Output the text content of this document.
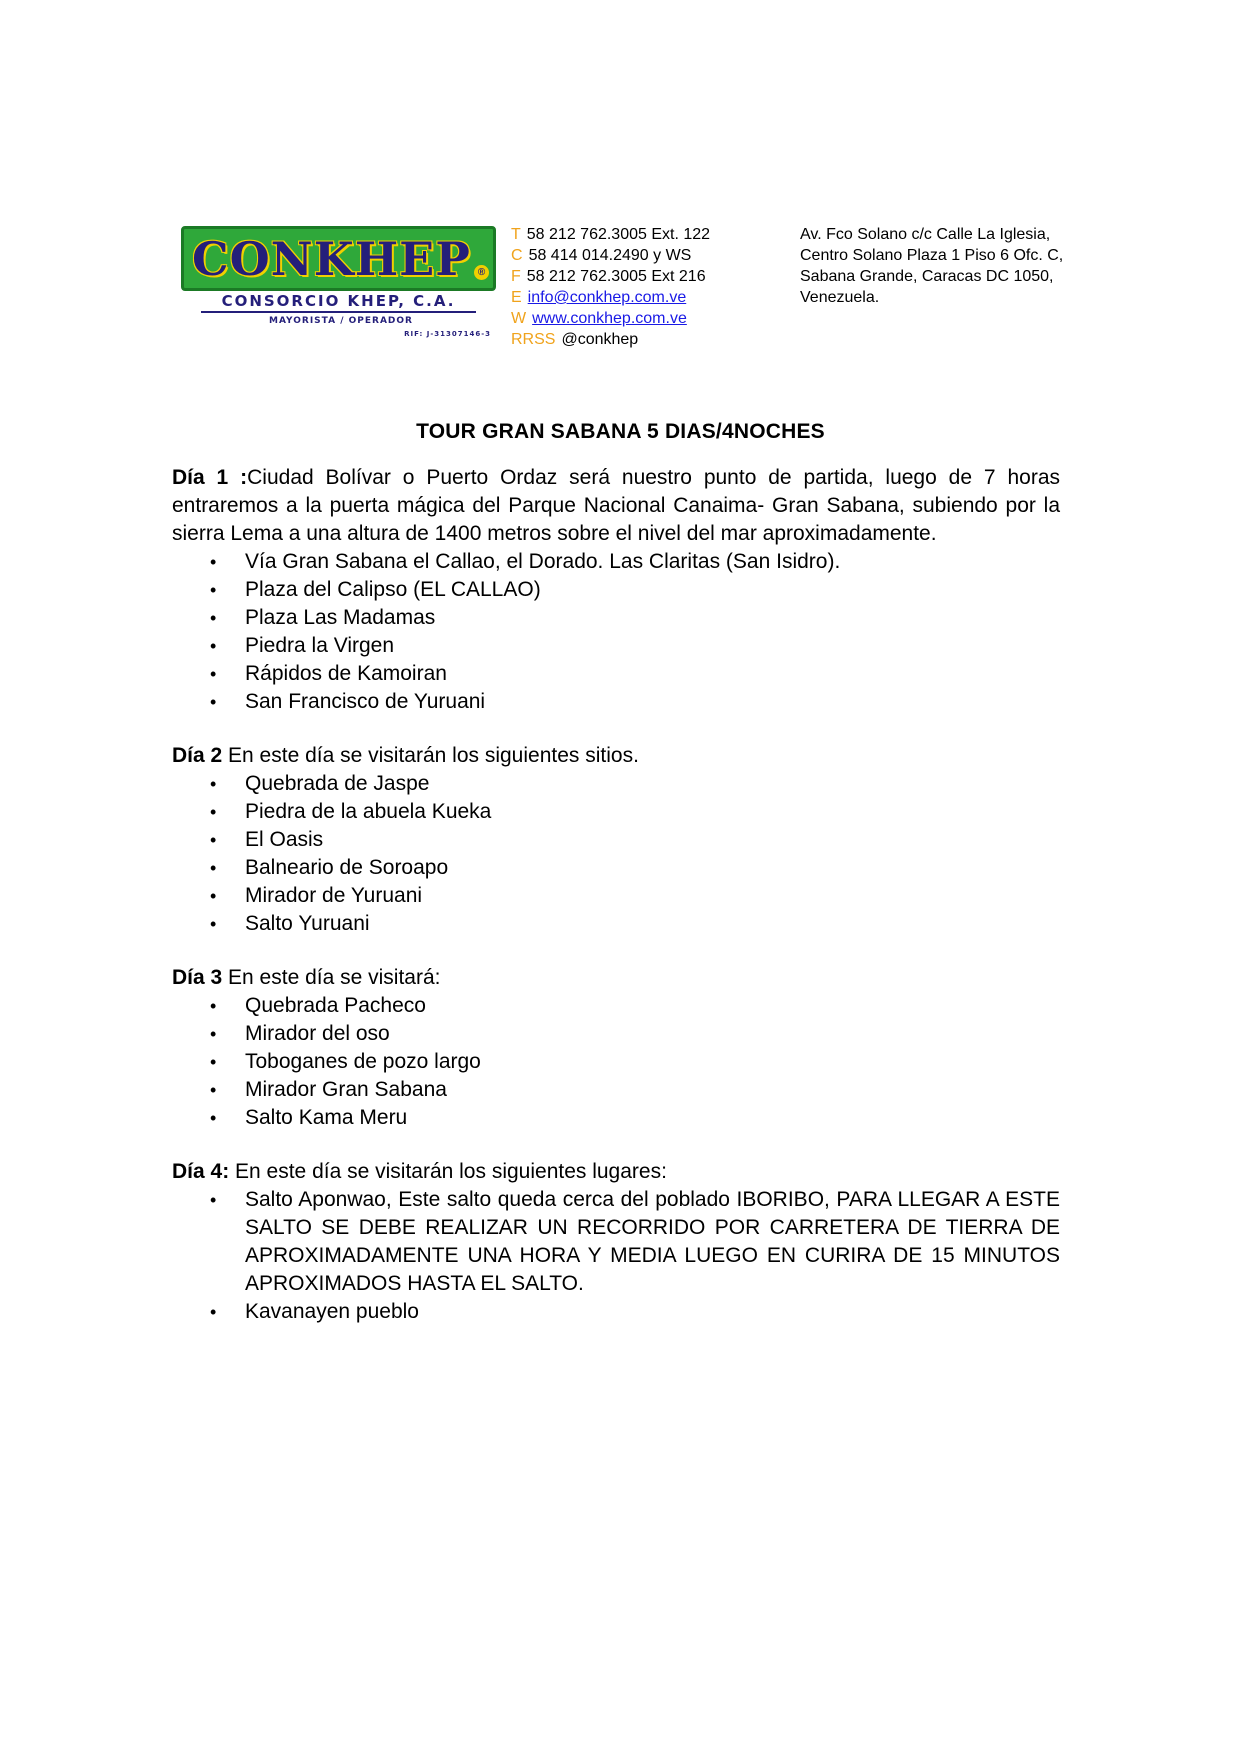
CONKHEP ®
CONSORCIO KHEP, C.A.
MAYORISTA / OPERADOR
RIF: J-31307146-3
T 58 212 762.3005 Ext. 122
C 58 414 014.2490 y WS
F 58 212 762.3005 Ext 216
E info@conkhep.com.ve
W www.conkhep.com.ve
RRSS @conkhep
Av. Fco Solano c/c Calle La Iglesia,
Centro Solano Plaza 1 Piso 6 Ofc. C,
Sabana Grande, Caracas DC 1050,
Venezuela.
TOUR GRAN SABANA 5 DIAS/4NOCHES
Día 1 :Ciudad Bolívar o Puerto Ordaz será nuestro punto de partida, luego de 7 horas entraremos a la puerta mágica del Parque Nacional Canaima- Gran Sabana, subiendo por la sierra Lema a una altura de 1400 metros sobre el nivel del mar aproximadamente.
• Vía Gran Sabana el Callao, el Dorado. Las Claritas (San Isidro).
• Plaza del Calipso (EL CALLAO)
• Plaza Las Madamas
• Piedra la Virgen
• Rápidos de Kamoiran
• San Francisco de Yuruani
Día 2 En este día se visitarán los siguientes sitios.
• Quebrada de Jaspe
• Piedra de la abuela Kueka
• El Oasis
• Balneario de Soroapo
• Mirador de Yuruani
• Salto Yuruani
Día 3 En este día se visitará:
• Quebrada Pacheco
• Mirador del oso
• Toboganes de pozo largo
• Mirador Gran Sabana
• Salto Kama Meru
Día 4: En este día se visitarán los siguientes lugares:
• Salto Aponwao, Este salto queda cerca del poblado IBORIBO, PARA LLEGAR A ESTE SALTO SE DEBE REALIZAR UN RECORRIDO POR CARRETERA DE TIERRA DE APROXIMADAMENTE UNA HORA Y MEDIA LUEGO EN CURIRA DE 15 MINUTOS APROXIMADOS HASTA EL SALTO.
• Kavanayen pueblo
